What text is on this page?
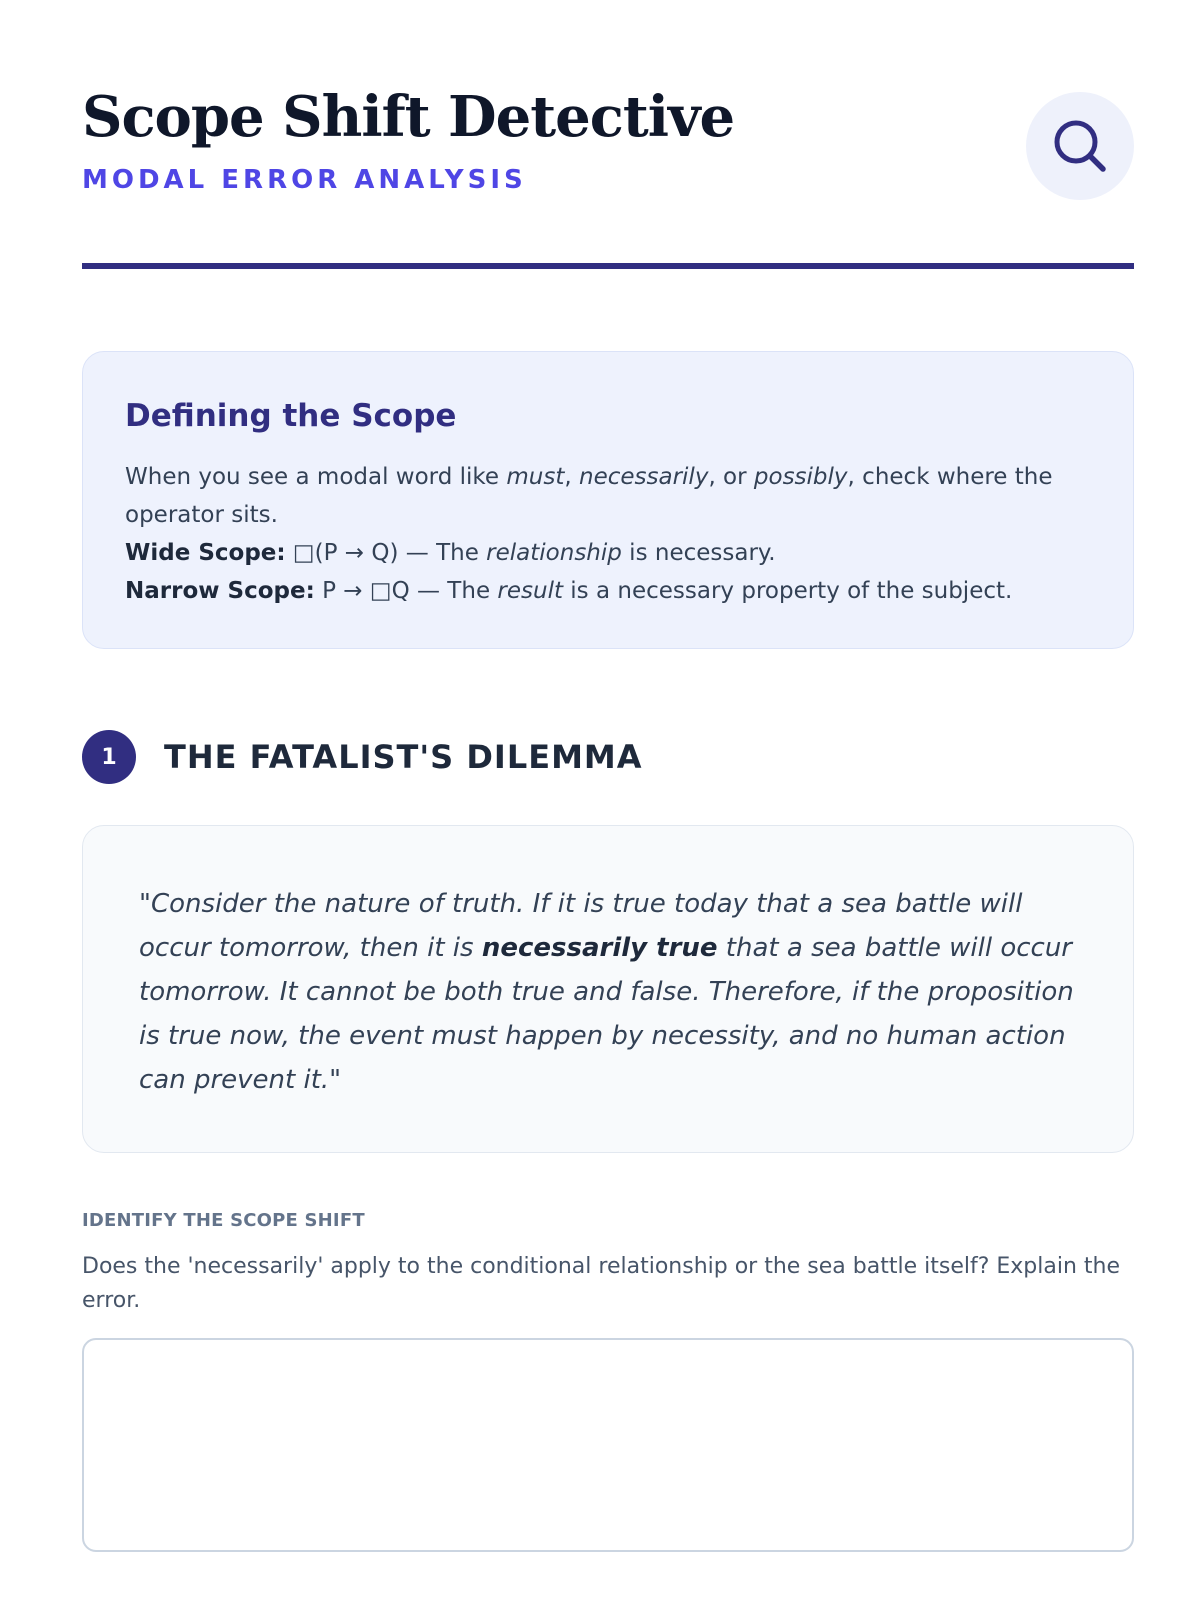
Scope Shift Detective
MODAL ERROR ANALYSIS
Defining the Scope
When you see a modal word like must, necessarily, or possibly, check where the operator sits.
Wide Scope: □(P → Q) — The relationship is necessary.
Narrow Scope: P → □Q — The result is a necessary property of the subject.
1	THE FATALIST'S DILEMMA

"Consider the nature of truth. If it is true today that a sea battle will occur tomorrow, then it is necessarily true that a sea battle will occur tomorrow. It cannot be both true and false. Therefore, if the proposition is true now, the event must happen by necessity, and no human action can prevent it."

IDENTIFY THE SCOPE SHIFT
Does the 'necessarily' apply to the conditional relationship or the sea battle itself? Explain the error.
